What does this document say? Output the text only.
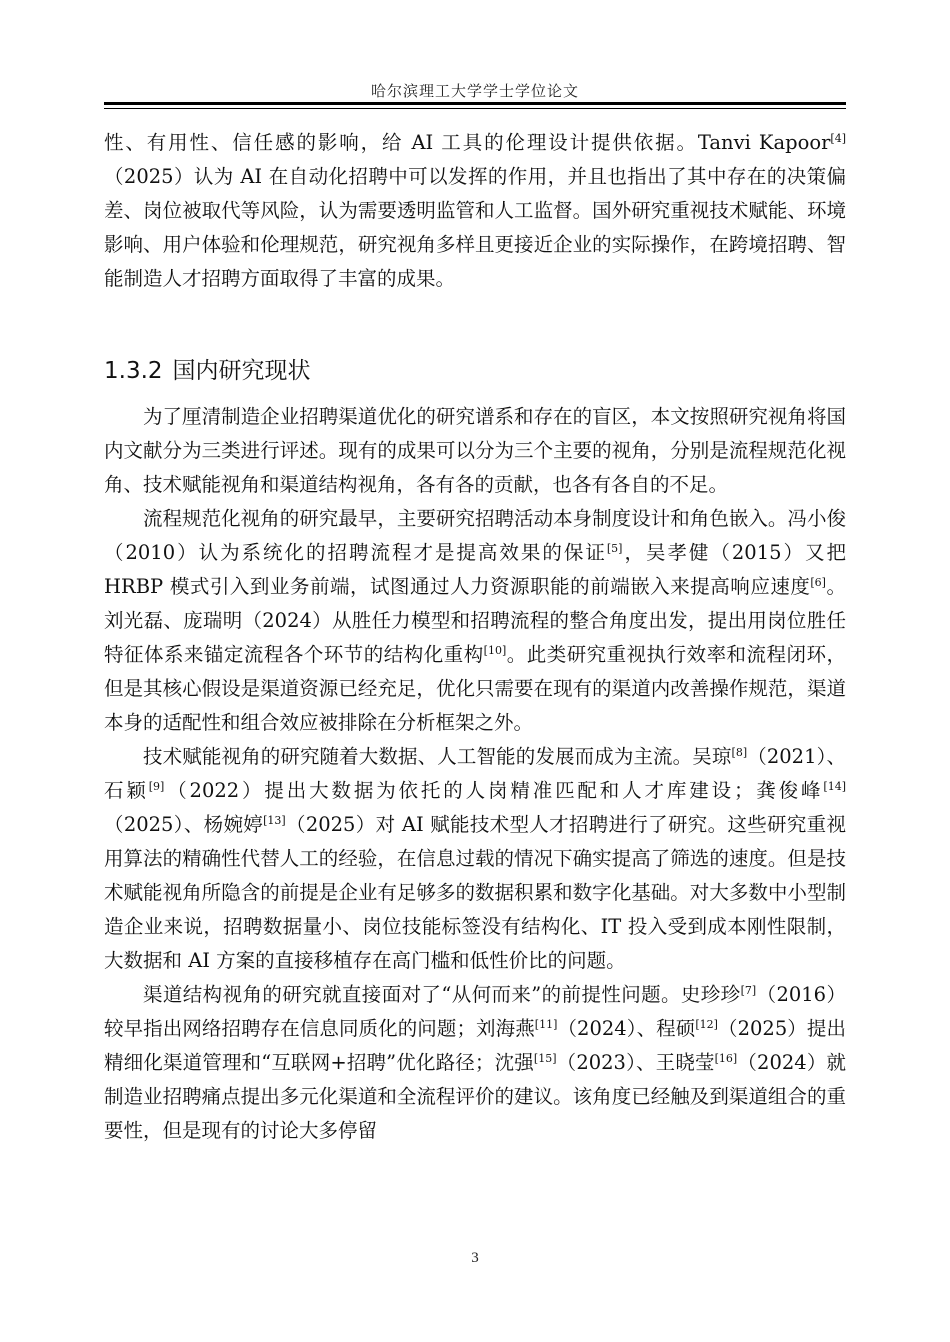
哈尔滨理工大学学士学位论文

性、有用性、信任感的影响，给 AI 工具的伦理设计提供依据。Tanvi Kapoor[4]（2025）认为 AI 在自动化招聘中可以发挥的作用，并且也指出了其中存在的决策偏差、岗位被取代等风险，认为需要透明监管和人工监督。国外研究重视技术赋能、环境影响、用户体验和伦理规范，研究视角多样且更接近企业的实际操作，在跨境招聘、智能制造人才招聘方面取得了丰富的成果。

1.3.2 国内研究现状

为了厘清制造企业招聘渠道优化的研究谱系和存在的盲区，本文按照研究视角将国内文献分为三类进行评述。现有的成果可以分为三个主要的视角，分别是流程规范化视角、技术赋能视角和渠道结构视角，各有各的贡献，也各有各自的不足。

流程规范化视角的研究最早，主要研究招聘活动本身制度设计和角色嵌入。冯小俊（2010）认为系统化的招聘流程才是提高效果的保证[5]，吴孝健（2015）又把 HRBP 模式引入到业务前端，试图通过人力资源职能的前端嵌入来提高响应速度[6]。刘光磊、庞瑞明（2024）从胜任力模型和招聘流程的整合角度出发，提出用岗位胜任特征体系来锚定流程各个环节的结构化重构[10]。此类研究重视执行效率和流程闭环，但是其核心假设是渠道资源已经充足，优化只需要在现有的渠道内改善操作规范，渠道本身的适配性和组合效应被排除在分析框架之外。

技术赋能视角的研究随着大数据、人工智能的发展而成为主流。吴琼[8]（2021）、石颖[9]（2022）提出大数据为依托的人岗精准匹配和人才库建设；龚俊峰[14]（2025）、杨婉婷[13]（2025）对 AI 赋能技术型人才招聘进行了研究。这些研究重视用算法的精确性代替人工的经验，在信息过载的情况下确实提高了筛选的速度。但是技术赋能视角所隐含的前提是企业有足够多的数据积累和数字化基础。对大多数中小型制造企业来说，招聘数据量小、岗位技能标签没有结构化、IT 投入受到成本刚性限制，大数据和 AI 方案的直接移植存在高门槛和低性价比的问题。

渠道结构视角的研究就直接面对了“从何而来”的前提性问题。史珍珍[7]（2016）较早指出网络招聘存在信息同质化的问题；刘海燕[11]（2024）、程硕[12]（2025）提出精细化渠道管理和“互联网+招聘”优化路径；沈强[15]（2023）、王晓莹[16]（2024）就制造业招聘痛点提出多元化渠道和全流程评价的建议。该角度已经触及到渠道组合的重要性，但是现有的讨论大多停留

3
